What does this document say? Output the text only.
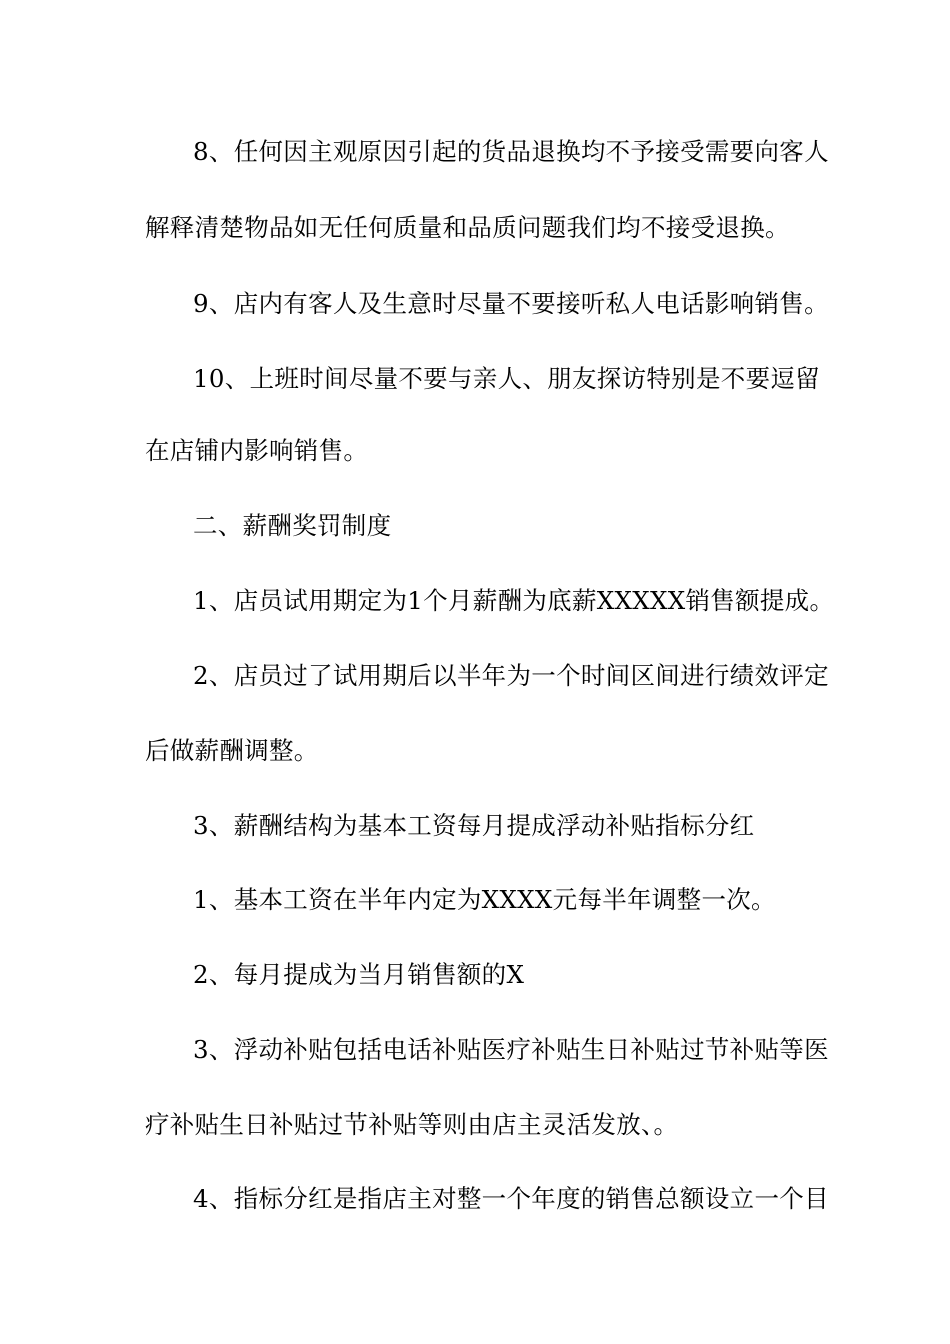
8、任何因主观原因引起的货品退换均不予接受需要向客人
解释清楚物品如无任何质量和品质问题我们均不接受退换。
9、店内有客人及生意时尽量不要接听私人电话影响销售。
10、上班时间尽量不要与亲人、朋友探访特别是不要逗留
在店铺内影响销售。
二、薪酬奖罚制度
1、店员试用期定为1个月薪酬为底薪XXXXX销售额提成。
2、店员过了试用期后以半年为一个时间区间进行绩效评定
后做薪酬调整。
3、薪酬结构为基本工资每月提成浮动补贴指标分红
1、基本工资在半年内定为XXXX元每半年调整一次。
2、每月提成为当月销售额的X
3、浮动补贴包括电话补贴医疗补贴生日补贴过节补贴等医
疗补贴生日补贴过节补贴等则由店主灵活发放、。
4、指标分红是指店主对整一个年度的销售总额设立一个目
